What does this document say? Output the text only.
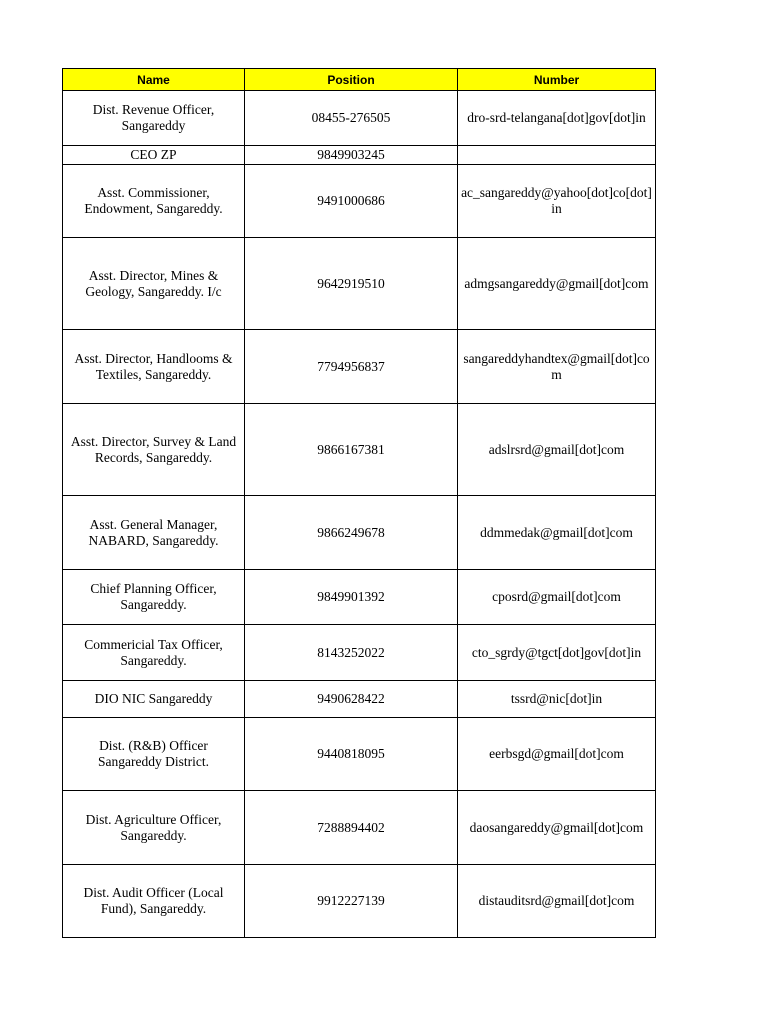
Name	Position	Number
Dist. Revenue Officer, Sangareddy	08455-276505	dro-srd-telangana[dot]gov[dot]in
CEO ZP	9849903245	
Asst. Commissioner, Endowment, Sangareddy.	9491000686	ac_sangareddy@yahoo[dot]co[dot]in
Asst. Director, Mines & Geology, Sangareddy. I/c	9642919510	admgsangareddy@gmail[dot]com
Asst. Director, Handlooms & Textiles, Sangareddy.	7794956837	sangareddyhandtex@gmail[dot]com
Asst. Director, Survey & Land Records, Sangareddy.	9866167381	adslrsrd@gmail[dot]com
Asst. General Manager, NABARD, Sangareddy.	9866249678	ddmmedak@gmail[dot]com
Chief Planning Officer, Sangareddy.	9849901392	cposrd@gmail[dot]com
Commericial Tax Officer, Sangareddy.	8143252022	cto_sgrdy@tgct[dot]gov[dot]in
DIO NIC Sangareddy	9490628422	tssrd@nic[dot]in
Dist. (R&B) Officer Sangareddy District.	9440818095	eerbsgd@gmail[dot]com
Dist. Agriculture Officer, Sangareddy.	7288894402	daosangareddy@gmail[dot]com
Dist. Audit Officer (Local Fund), Sangareddy.	9912227139	distauditsrd@gmail[dot]com
